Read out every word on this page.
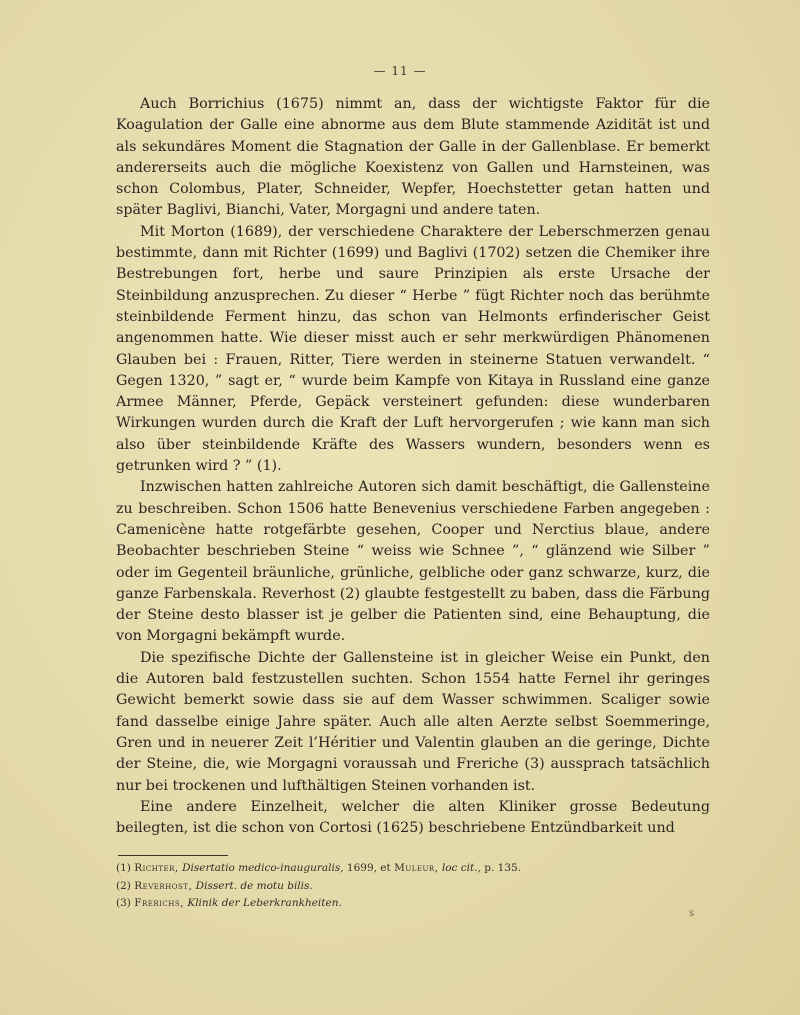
— 11 —

Auch Borrichius (1675) nimmt an, dass der wichtigste Faktor für die Koagulation der Galle eine abnorme aus dem Blute stammende Azidität ist und als sekundäres Moment die Stagnation der Galle in der Gallenblase. Er bemerkt andererseits auch die mögliche Koexistenz von Gallen und Harnsteinen, was schon Colombus, Plater, Schneider, Wepfer, Hoechstetter getan hatten und später Baglivi, Bianchi, Vater, Morgagni und andere taten.

Mit Morton (1689), der verschiedene Charaktere der Leberschmerzen genau bestimmte, dann mit Richter (1699) und Baglivi (1702) setzen die Chemiker ihre Bestrebungen fort, herbe und saure Prinzipien als erste Ursache der Steinbildung anzusprechen. Zu dieser “ Herbe ” fügt Richter noch das berühmte steinbildende Ferment hinzu, das schon van Helmonts erfinderischer Geist angenommen hatte. Wie dieser misst auch er sehr merkwürdigen Phänomenen Glauben bei : Frauen, Ritter, Tiere werden in steinerne Statuen verwandelt. “ Gegen 1320, ” sagt er, “ wurde beim Kampfe von Kitaya in Russland eine ganze Armee Männer, Pferde, Gepäck versteinert gefunden: diese wunderbaren Wirkungen wurden durch die Kraft der Luft hervorgerufen ; wie kann man sich also über steinbildende Kräfte des Wassers wundern, besonders wenn es getrunken wird ? ” (1).

Inzwischen hatten zahlreiche Autoren sich damit beschäftigt, die Gallensteine zu beschreiben. Schon 1506 hatte Benevenius verschiedene Farben angegeben : Camenicène hatte rotgefärbte gesehen, Cooper und Nerctius blaue, andere Beobachter beschrieben Steine “ weiss wie Schnee ”, “ glänzend wie Silber ” oder im Gegenteil bräunliche, grünliche, gelbliche oder ganz schwarze, kurz, die ganze Farbenskala. Reverhost (2) glaubte festgestellt zu baben, dass die Färbung der Steine desto blasser ist je gelber die Patienten sind, eine Behauptung, die von Morgagni bekämpft wurde.

Die spezifische Dichte der Gallensteine ist in gleicher Weise ein Punkt, den die Autoren bald festzustellen suchten. Schon 1554 hatte Fernel ihr geringes Gewicht bemerkt sowie dass sie auf dem Wasser schwimmen. Scaliger sowie fand dasselbe einige Jahre später. Auch alle alten Aerzte selbst Soemmeringe, Gren und in neuerer Zeit l’Héritier und Valentin glauben an die geringe, Dichte der Steine, die, wie Morgagni voraussah und Freriche (3) aussprach tatsächlich nur bei trockenen und lufthältigen Steinen vorhanden ist.

Eine andere Einzelheit, welcher die alten Kliniker grosse Bedeutung beilegten, ist die schon von Cortosi (1625) beschriebene Entzündbarkeit und

(1) Richter, Disertatio medico-inauguralis, 1699, et Muleur, loc cit., p. 135.
(2) Reverhost, Dissert. de motu bilis.
(3) Frerichs, Klinik der Leberkrankheiten.
s
